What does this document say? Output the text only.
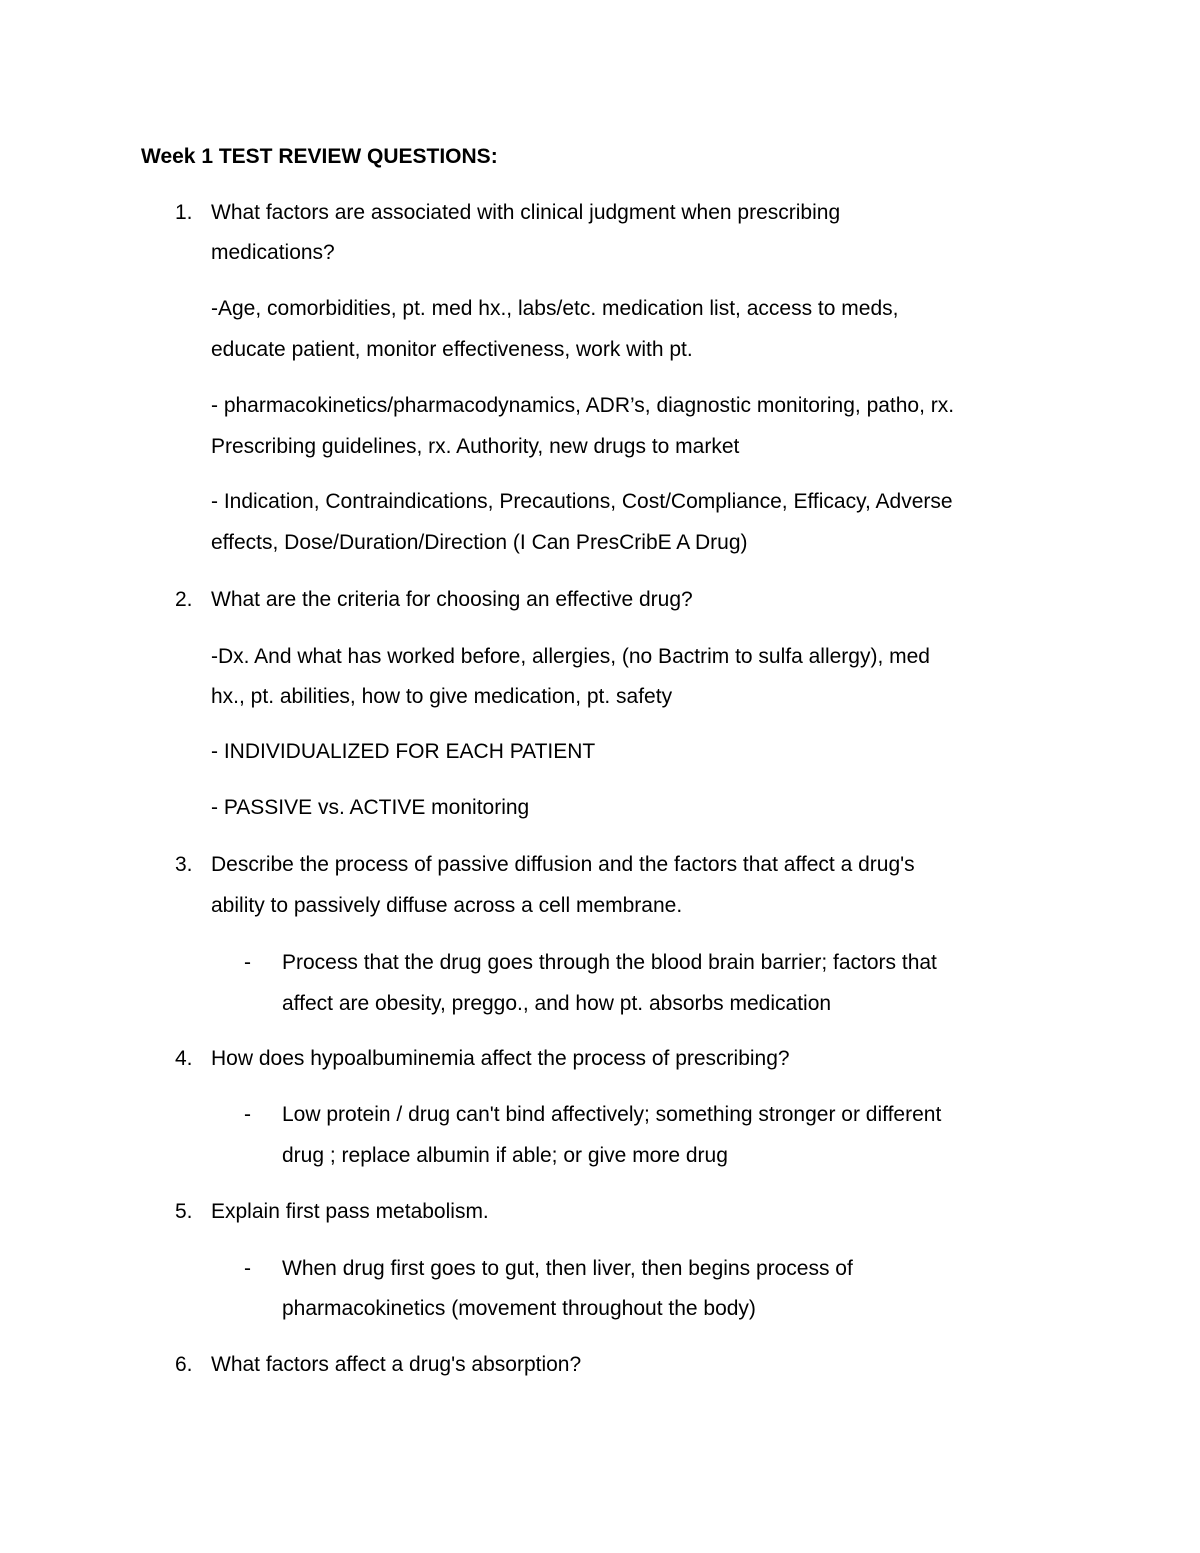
Week 1 TEST REVIEW QUESTIONS:
1. What factors are associated with clinical judgment when prescribing
medications?
-Age, comorbidities, pt. med hx., labs/etc. medication list, access to meds,
educate patient, monitor effectiveness, work with pt.
- pharmacokinetics/pharmacodynamics, ADR’s, diagnostic monitoring, patho, rx.
Prescribing guidelines, rx. Authority, new drugs to market
- Indication, Contraindications, Precautions, Cost/Compliance, Efficacy, Adverse
effects, Dose/Duration/Direction (I Can PresCribE A Drug)
2. What are the criteria for choosing an effective drug?
-Dx. And what has worked before, allergies, (no Bactrim to sulfa allergy), med
hx., pt. abilities, how to give medication, pt. safety
- INDIVIDUALIZED FOR EACH PATIENT
- PASSIVE vs. ACTIVE monitoring
3. Describe the process of passive diffusion and the factors that affect a drug's
ability to passively diffuse across a cell membrane.
- Process that the drug goes through the blood brain barrier; factors that
affect are obesity, preggo., and how pt. absorbs medication
4. How does hypoalbuminemia affect the process of prescribing?
- Low protein / drug can't bind affectively; something stronger or different
drug ; replace albumin if able; or give more drug
5. Explain first pass metabolism.
- When drug first goes to gut, then liver, then begins process of
pharmacokinetics (movement throughout the body)
6. What factors affect a drug's absorption?
